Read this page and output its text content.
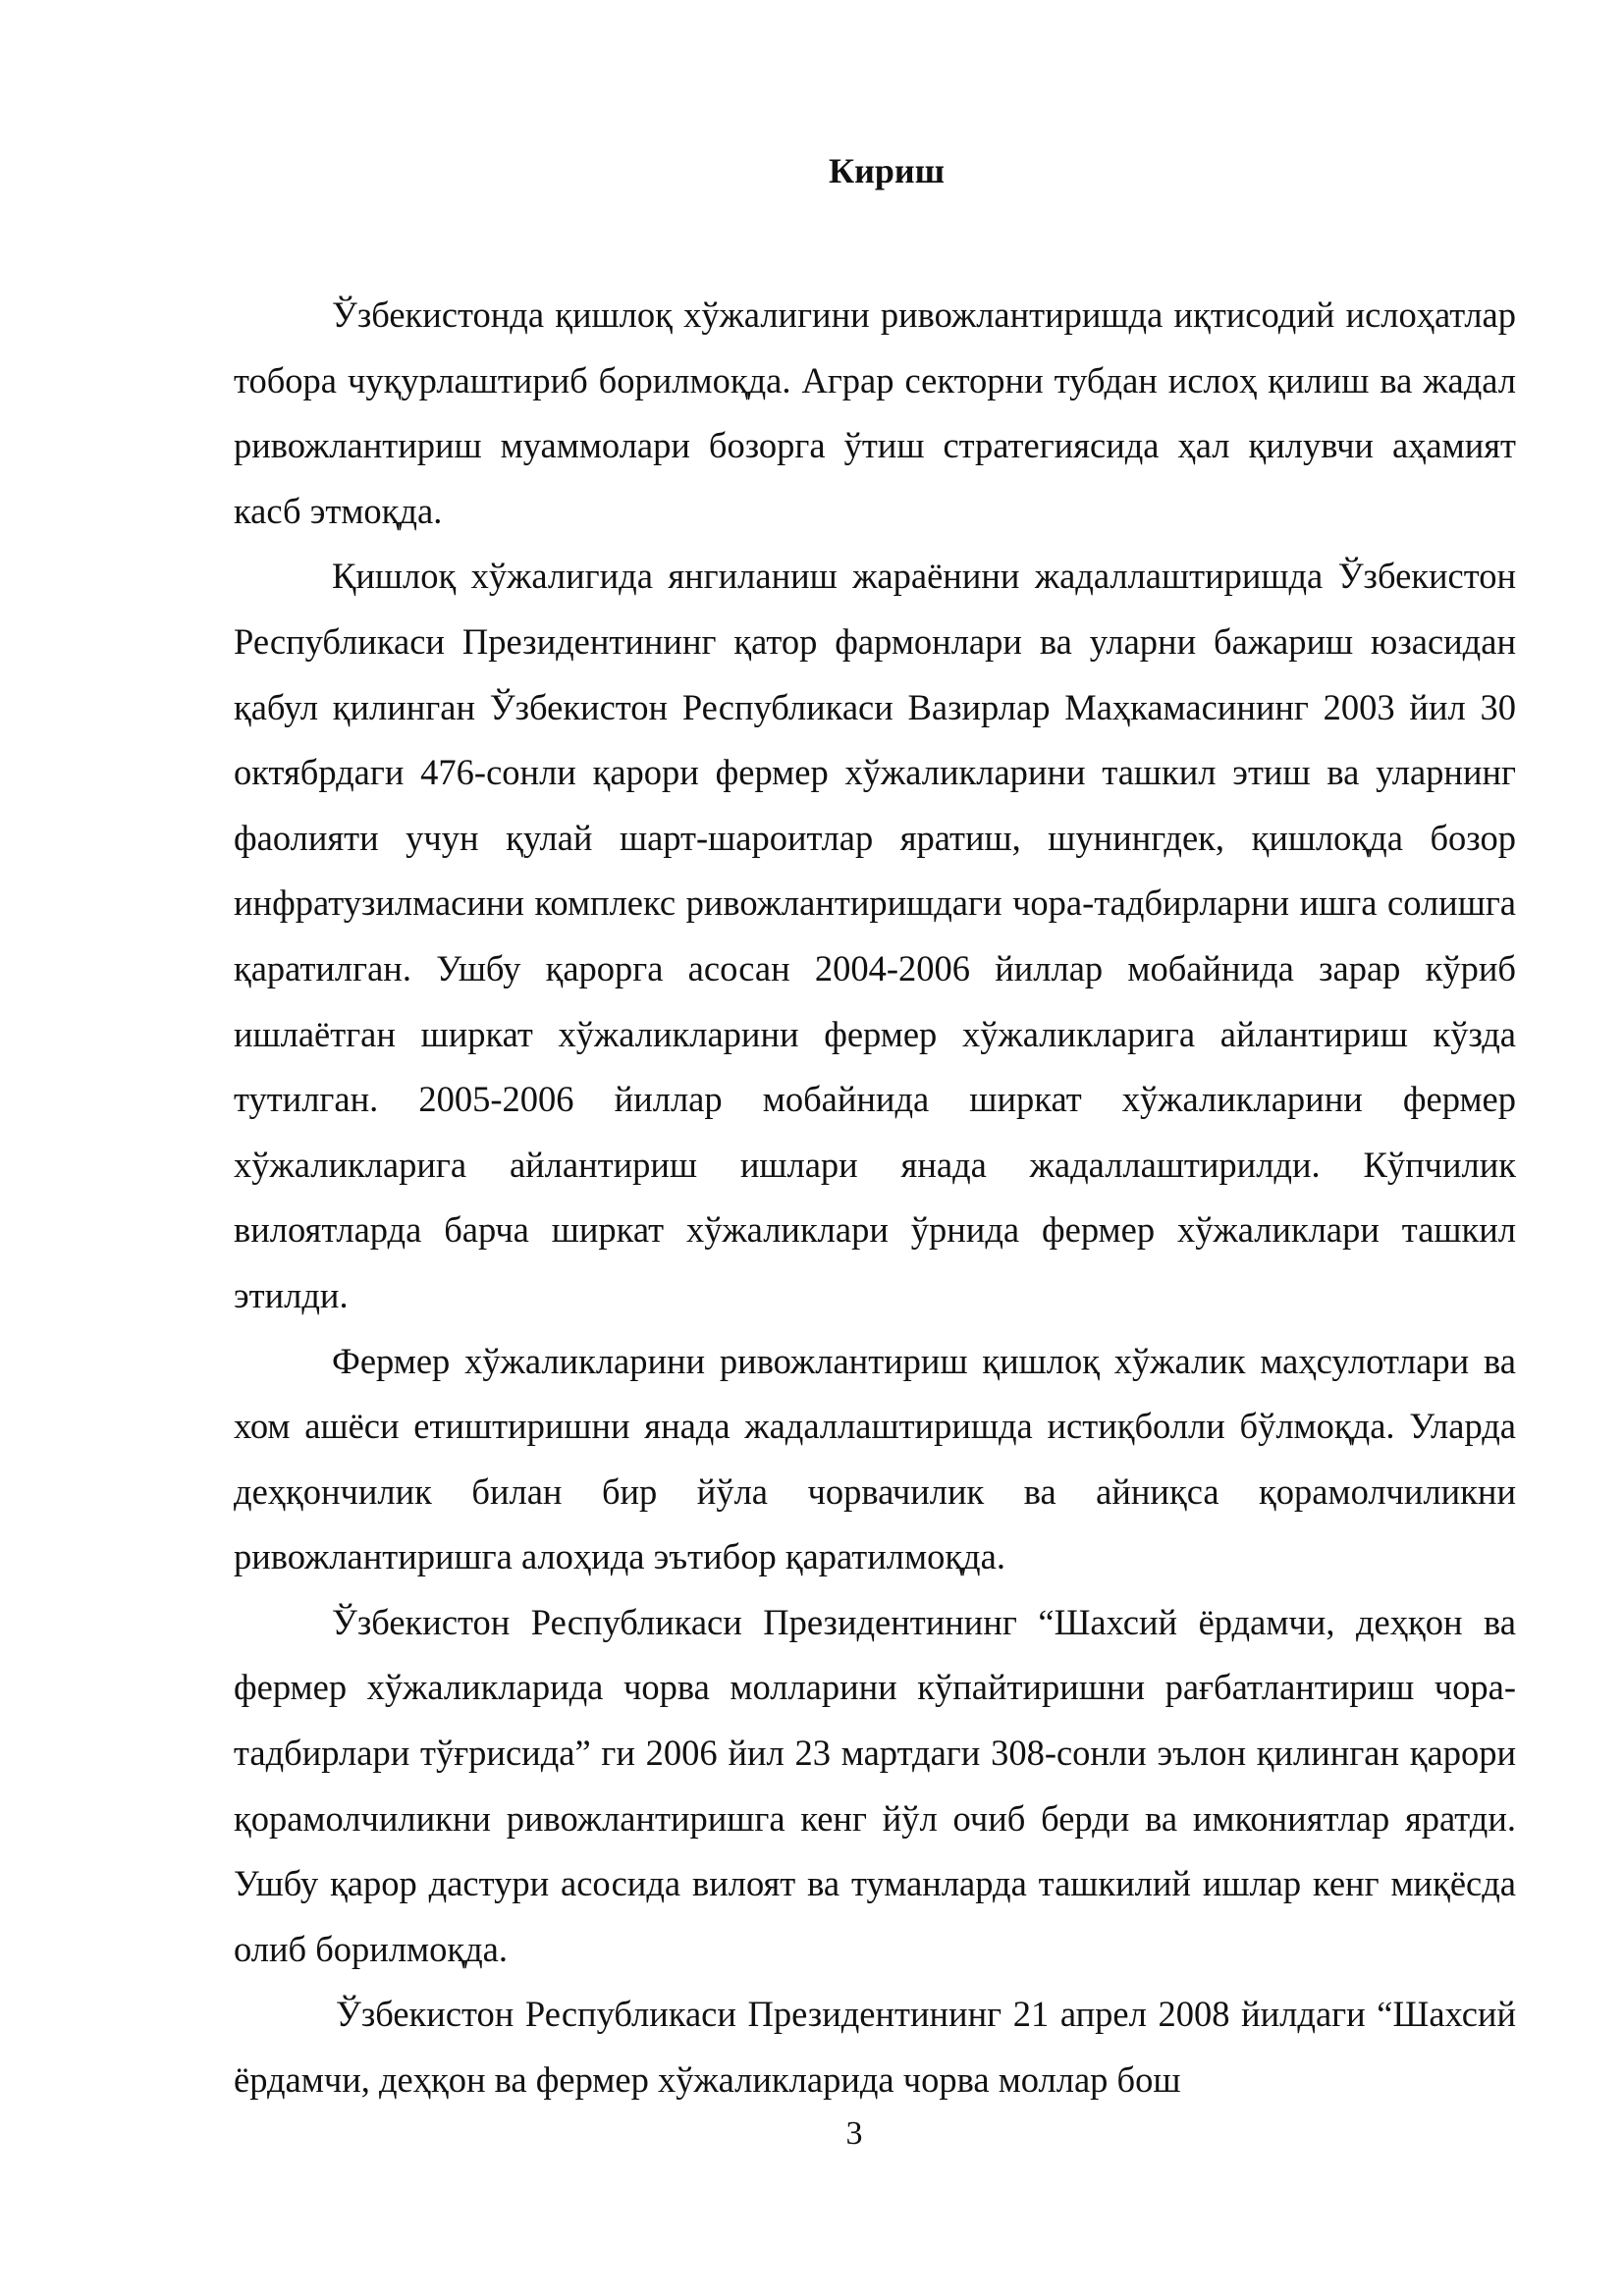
Кириш

Ўзбекистонда қишлоқ хўжалигини ривожлантиришда иқтисодий ислоҳатлар тобора чуқурлаштириб борилмоқда. Аграр секторни тубдан ислоҳ қилиш ва жадал ривожлантириш муаммолари бозорга ўтиш стратегиясида ҳал қилувчи аҳамият касб этмоқда.

Қишлоқ хўжалигида янгиланиш жараёнини жадаллаштиришда Ўзбекистон Республикаси Президентининг қатор фармонлари ва уларни бажариш юзасидан қабул қилинган Ўзбекистон Республикаси Вазирлар Маҳкамасининг 2003 йил 30 октябрдаги 476-сонли қарори фермер хўжаликларини ташкил этиш ва уларнинг фаолияти учун қулай шарт-шароитлар яратиш, шунингдек, қишлоқда бозор инфратузилмасини комплекс ривожлантиришдаги чора-тадбирларни ишга солишга қаратилган. Ушбу қарорга асосан 2004-2006 йиллар мобайнида зарар кўриб ишлаётган ширкат хўжаликларини фермер хўжаликларига айлантириш кўзда тутилган. 2005-2006 йиллар мобайнида ширкат хўжаликларини фермер хўжаликларига айлантириш ишлари янада жадаллаштирилди. Кўпчилик вилоятларда барча ширкат хўжаликлари ўрнида фермер хўжаликлари ташкил этилди.

Фермер хўжаликларини ривожлантириш қишлоқ хўжалик маҳсулотлари ва хом ашёси етиштиришни янада жадаллаштиришда истиқболли бўлмоқда. Уларда деҳқончилик билан бир йўла чорвачилик ва айниқса қорамолчиликни ривожлантиришга алоҳида эътибор қаратилмоқда.

Ўзбекистон Республикаси Президентининг “Шахсий ёрдамчи, деҳқон ва фермер хўжаликларида чорва молларини кўпайтиришни рағбатлантириш чора-тадбирлари тўғрисида” ги 2006 йил 23 мартдаги 308-сонли эълон қилинган қарори қорамолчиликни ривожлантиришга кенг йўл очиб берди ва имкониятлар яратди. Ушбу қарор дастури асосида вилоят ва туманларда ташкилий ишлар кенг миқёсда олиб борилмоқда.

Ўзбекистон Республикаси Президентининг 21 апрел 2008 йилдаги “Шахсий ёрдамчи, деҳқон ва фермер хўжаликларида чорва моллар бош

3
